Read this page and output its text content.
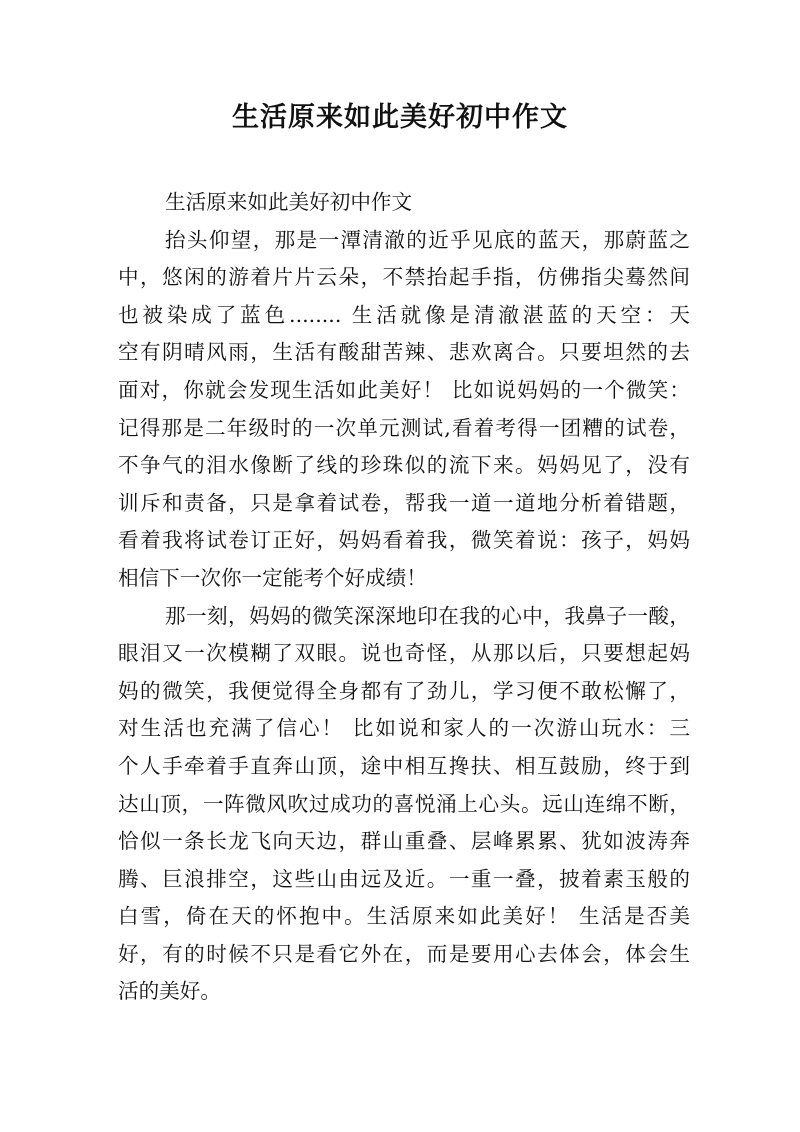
生活原来如此美好初中作文
生活原来如此美好初中作文
抬头仰望，那是一潭清澈的近乎见底的蓝天，那蔚蓝之
中，悠闲的游着片片云朵，不禁抬起手指，仿佛指尖蓦然间
也被染成了蓝色........ 生活就像是清澈湛蓝的天空：天
空有阴晴风雨，生活有酸甜苦辣、悲欢离合。只要坦然的去
面对，你就会发现生活如此美好！ 比如说妈妈的一个微笑：
记得那是二年级时的一次单元测试,看着考得一团糟的试卷，
不争气的泪水像断了线的珍珠似的流下来。妈妈见了，没有
训斥和责备，只是拿着试卷，帮我一道一道地分析着错题，
看着我将试卷订正好，妈妈看着我，微笑着说：孩子，妈妈
相信下一次你一定能考个好成绩！
那一刻，妈妈的微笑深深地印在我的心中，我鼻子一酸，
眼泪又一次模糊了双眼。说也奇怪，从那以后，只要想起妈
妈的微笑，我便觉得全身都有了劲儿，学习便不敢松懈了，
对生活也充满了信心！ 比如说和家人的一次游山玩水：三
个人手牵着手直奔山顶，途中相互搀扶、相互鼓励，终于到
达山顶，一阵微风吹过成功的喜悦涌上心头。远山连绵不断，
恰似一条长龙飞向天边，群山重叠、层峰累累、犹如波涛奔
腾、巨浪排空，这些山由远及近。一重一叠，披着素玉般的
白雪，倚在天的怀抱中。生活原来如此美好！ 生活是否美
好，有的时候不只是看它外在，而是要用心去体会，体会生
活的美好。
